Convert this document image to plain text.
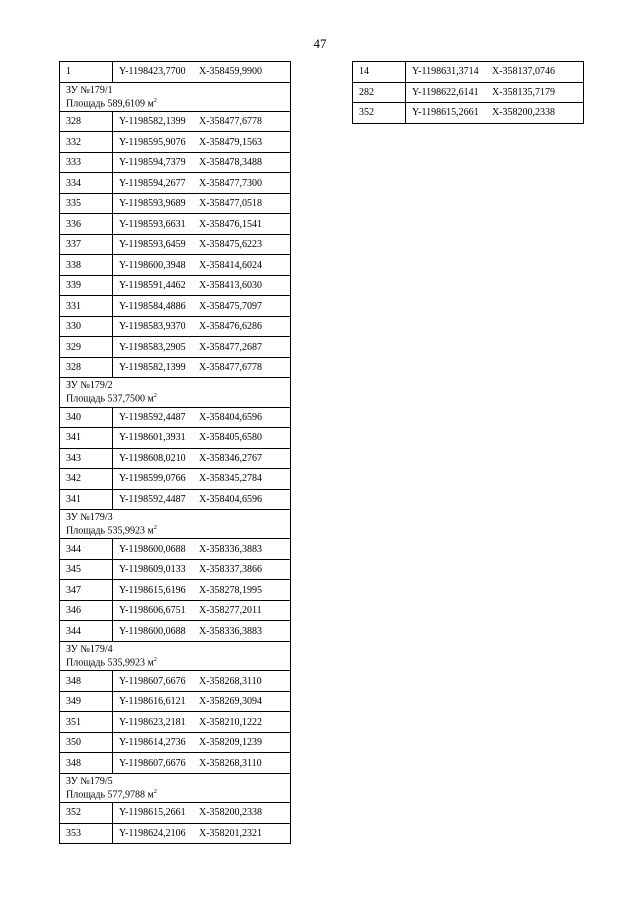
47
1	Y-1198423,7700 X-358459,9900

ЗУ №179/1
Площадь 589,6109 $м^2$

328	Y-1198582,1399 X-358477,6778
332	Y-1198595,9076 X-358479,1563
333	Y-1198594,7379 X-358478,3488
334	Y-1198594,2677 X-358477,7300
335	Y-1198593,9689 X-358477,0518
336	Y-1198593,6631 X-358476,1541
337	Y-1198593,6459 X-358475,6223
338	Y-1198600,3948 X-358414,6024
339	Y-1198591,4462 X-358413,6030
331	Y-1198584,4886 X-358475,7097
330	Y-1198583,9370 X-358476,6286
329	Y-1198583,2905 X-358477,2687
328	Y-1198582,1399 X-358477,6778

ЗУ №179/2
Площадь 537,7500 $м^2$

340	Y-1198592,4487 X-358404,6596
341	Y-1198601,3931 X-358405,6580
343	Y-1198608,0210 X-358346,2767
342	Y-1198599,0766 X-358345,2784
341	Y-1198592,4487 X-358404,6596

ЗУ №179/3
Площадь 535,9923 $м^2$

344	Y-1198600,0688 X-358336,3883
345	Y-1198609,0133 X-358337,3866
347	Y-1198615,6196 X-358278,1995
346	Y-1198606,6751 X-358277,2011
344	Y-1198600,0688 X-358336,3883

ЗУ №179/4
Площадь 535,9923 $м^2$

348	Y-1198607,6676 X-358268,3110
349	Y-1198616,6121 X-358269,3094
351	Y-1198623,2181 X-358210,1222
350	Y-1198614,2736 X-358209,1239
348	Y-1198607,6676 X-358268,3110

ЗУ №179/5
Площадь 577,9788 $м^2$

352	Y-1198615,2661 X-358200,2338
353	Y-1198624,2106 X-358201,2321
14	Y-1198631,3714 X-358137,0746
282	Y-1198622,6141 X-358135,7179
352	Y-1198615,2661 X-358200,2338
